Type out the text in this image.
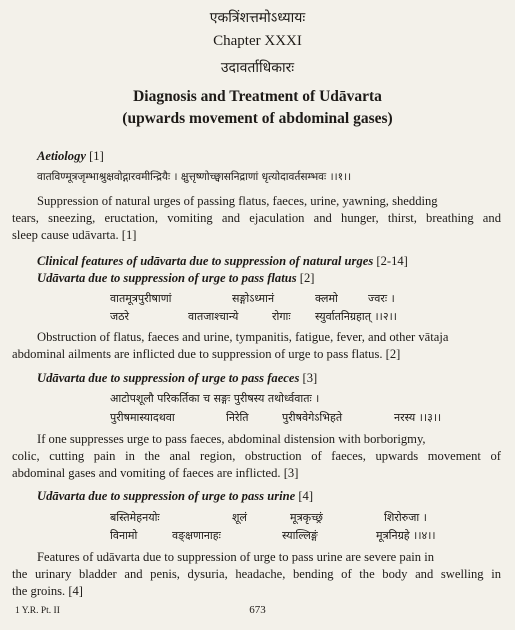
एकत्रिंशत्तमोऽध्यायः
Chapter XXXI
उदावर्ताधिकारः
Diagnosis and Treatment of Udāvarta
(upwards movement of abdominal gases)
Aetiology [1]
वातविण्मूत्रजृम्भाश्रुक्षवोद्गारवमीन्द्रियैः । क्षुत्तृष्णोच्छ्वासनिद्राणां धृत्योदावर्तसम्भवः ।।१।।
Suppression of natural urges of passing flatus, faeces, urine, yawning, shedding
tears, sneezing, eructation, vomiting and ejaculation and hunger, thirst, breathing and
sleep cause udāvarta. [1]
Clinical features of udāvarta due to suppression of natural urges [2-14]
Udāvarta due to suppression of urge to pass flatus [2]
वातमूत्रपुरीषाणां	सङ्गोऽध्मानं	क्लमो	ज्वरः ।
जठरे	वातजाश्चान्ये	रोगाः स्युर्वातनिग्रहात् ।।२।।
Obstruction of flatus, faeces and urine, tympanitis, fatigue, fever, and other vātaja
abdominal ailments are inflicted due to suppression of urge to pass flatus. [2]
Udāvarta due to suppression of urge to pass faeces [3]
आटोपशूलौ परिकर्तिका च सङ्गः पुरीषस्य तथोर्ध्ववातः ।
पुरीषमास्यादथवा	निरेति	पुरीषवेगेऽभिहते	नरस्य ।।३।।
If one suppresses urge to pass faeces, abdominal distension with borborigmy,
colic, cutting pain in the anal region, obstruction of faeces, upwards movement of
abdominal gases and vomiting of faeces are inflicted. [3]
Udāvarta due to suppression of urge to pass urine [4]
बस्तिमेहनयोः	शूलं	मूत्रकृच्छ्रं	शिरोरुजा ।
विनामो	वङ्क्षणानाहः	स्याल्लिङ्गं	मूत्रनिग्रहे ।।४।।
Features of udāvarta due to suppression of urge to pass urine are severe pain in
the urinary bladder and penis, dysuria, headache, bending of the body and swelling in
the groins. [4]
1 Y.R. Pt. II	673
